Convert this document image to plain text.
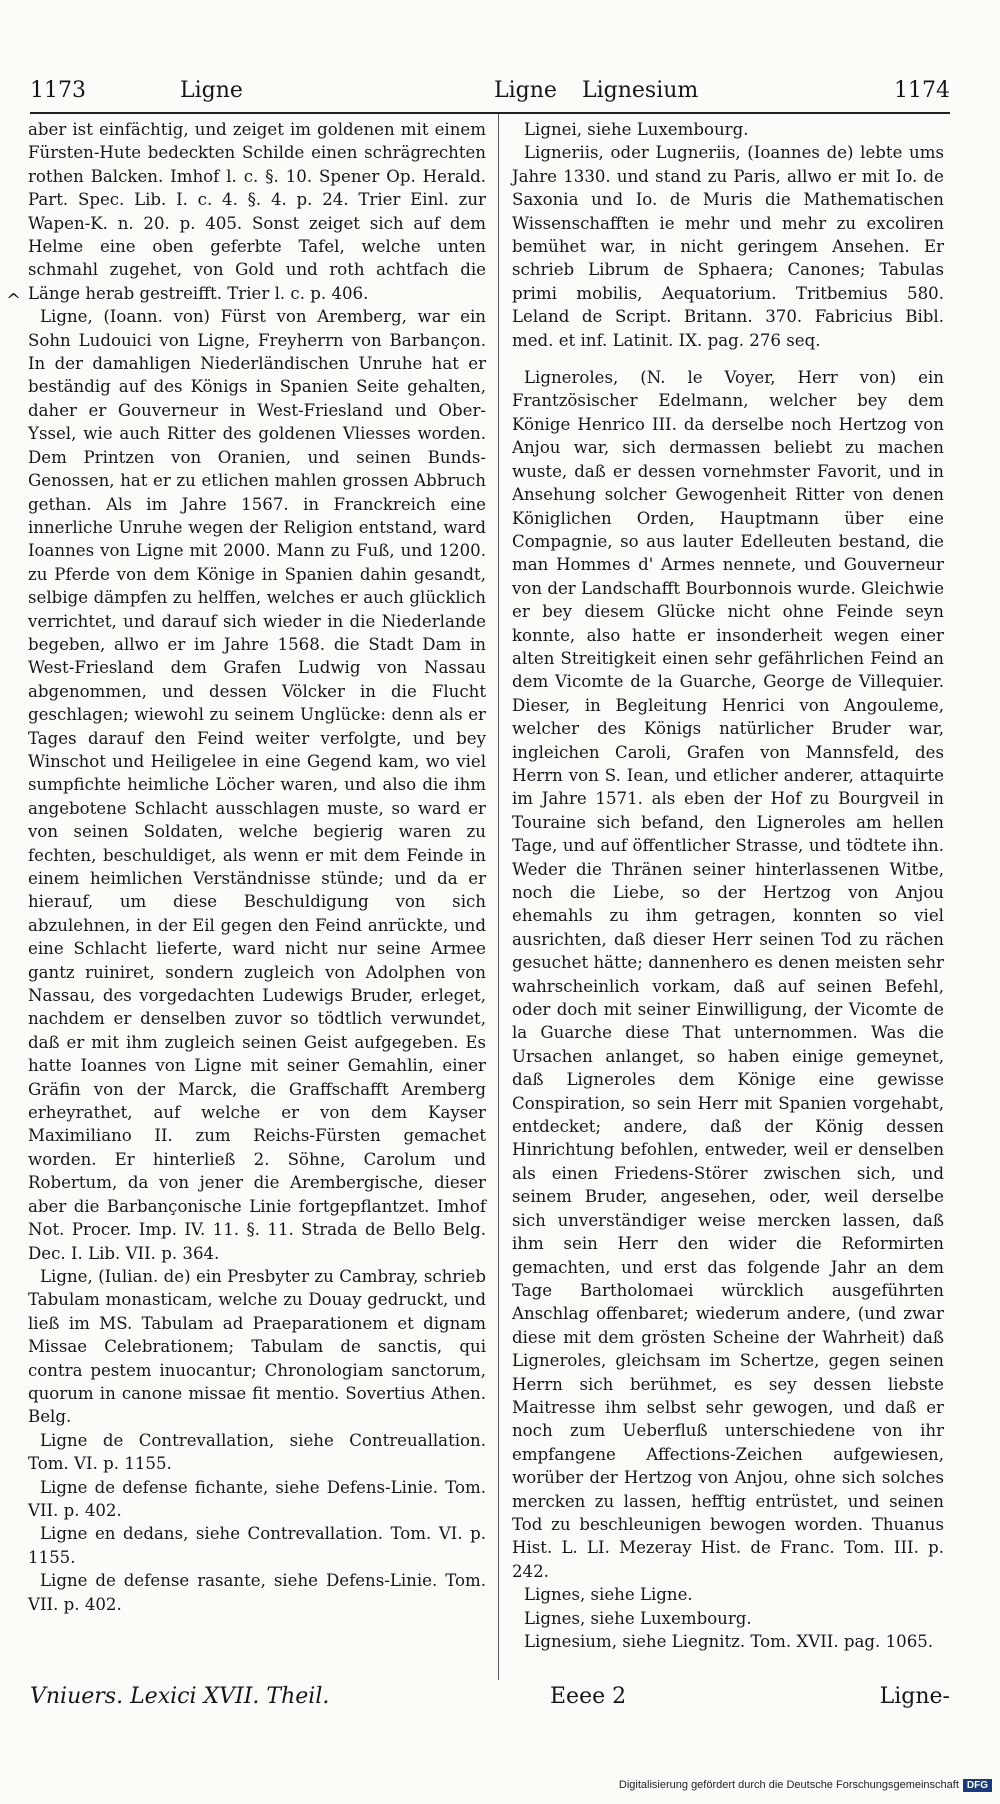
1173	Ligne	Ligne Lignesium	1174
^

aber ist einfächtig, und zeiget im goldenen mit einem Fürsten-Hute bedeckten Schilde einen schrägrechten rothen Balcken. Imhof l. c. §. 10. Spener Op. Herald. Part. Spec. Lib. I. c. 4. §. 4. p. 24. Trier Einl. zur Wapen-K. n. 20. p. 405. Sonst zeiget sich auf dem Helme eine oben geferbte Tafel, welche unten schmahl zugehet, von Gold und roth achtfach die Länge herab gestreifft. Trier l. c. p. 406.

Ligne, (Ioann. von) Fürst von Aremberg, war ein Sohn Ludouici von Ligne, Freyherrn von Barbançon. In der damahligen Niederländischen Unruhe hat er beständig auf des Königs in Spanien Seite gehalten, daher er Gouverneur in West-Friesland und Ober-Yssel, wie auch Ritter des goldenen Vliesses worden. Dem Printzen von Oranien, und seinen Bunds-Genossen, hat er zu etlichen mahlen grossen Abbruch gethan. Als im Jahre 1567. in Franckreich eine innerliche Unruhe wegen der Religion entstand, ward Ioannes von Ligne mit 2000. Mann zu Fuß, und 1200. zu Pferde von dem Könige in Spanien dahin gesandt, selbige dämpfen zu helffen, welches er auch glücklich verrichtet, und darauf sich wieder in die Niederlande begeben, allwo er im Jahre 1568. die Stadt Dam in West-Friesland dem Grafen Ludwig von Nassau abgenommen, und dessen Völcker in die Flucht geschlagen; wiewohl zu seinem Unglücke: denn als er Tages darauf den Feind weiter verfolgte, und bey Winschot und Heiligelee in eine Gegend kam, wo viel sumpfichte heimliche Löcher waren, und also die ihm angebotene Schlacht ausschlagen muste, so ward er von seinen Soldaten, welche begierig waren zu fechten, beschuldiget, als wenn er mit dem Feinde in einem heimlichen Verständnisse stünde; und da er hierauf, um diese Beschuldigung von sich abzulehnen, in der Eil gegen den Feind anrückte, und eine Schlacht lieferte, ward nicht nur seine Armee gantz ruiniret, sondern zugleich von Adolphen von Nassau, des vorgedachten Ludewigs Bruder, erleget, nachdem er denselben zuvor so tödtlich verwundet, daß er mit ihm zugleich seinen Geist aufgegeben. Es hatte Ioannes von Ligne mit seiner Gemahlin, einer Gräfin von der Marck, die Graffschafft Aremberg erheyrathet, auf welche er von dem Kayser Maximiliano II. zum Reichs-Fürsten gemachet worden. Er hinterließ 2. Söhne, Carolum und Robertum, da von jener die Arembergische, dieser aber die Barbançonische Linie fortgepflantzet. Imhof Not. Procer. Imp. IV. 11. §. 11. Strada de Bello Belg. Dec. I. Lib. VII. p. 364.

Ligne, (Iulian. de) ein Presbyter zu Cambray, schrieb Tabulam monasticam, welche zu Douay gedruckt, und ließ im MS. Tabulam ad Praeparationem et dignam Missae Celebrationem; Tabulam de sanctis, qui contra pestem inuocantur; Chronologiam sanctorum, quorum in canone missae fit mentio. Sovertius Athen. Belg.

Ligne de Contrevallation, siehe Contreuallation. Tom. VI. p. 1155.

Ligne de defense fichante, siehe Defens-Linie. Tom. VII. p. 402.

Ligne en dedans, siehe Contrevallation. Tom. VI. p. 1155.

Ligne de defense rasante, siehe Defens-Linie. Tom. VII. p. 402.

Lignei, siehe Luxembourg.

Ligneriis, oder Lugneriis, (Ioannes de) lebte ums Jahre 1330. und stand zu Paris, allwo er mit Io. de Saxonia und Io. de Muris die Mathematischen Wissenschafften ie mehr und mehr zu excoliren bemühet war, in nicht geringem Ansehen. Er schrieb Librum de Sphaera; Canones; Tabulas primi mobilis, Aequatorium. Tritbemius 580. Leland de Script. Britann. 370. Fabricius Bibl. med. et inf. Latinit. IX. pag. 276 seq.

Ligneroles, (N. le Voyer, Herr von) ein Frantzösischer Edelmann, welcher bey dem Könige Henrico III. da derselbe noch Hertzog von Anjou war, sich dermassen beliebt zu machen wuste, daß er dessen vornehmster Favorit, und in Ansehung solcher Gewogenheit Ritter von denen Königlichen Orden, Hauptmann über eine Compagnie, so aus lauter Edelleuten bestand, die man Hommes d' Armes nennete, und Gouverneur von der Landschafft Bourbonnois wurde. Gleichwie er bey diesem Glücke nicht ohne Feinde seyn konnte, also hatte er insonderheit wegen einer alten Streitigkeit einen sehr gefährlichen Feind an dem Vicomte de la Guarche, George de Villequier. Dieser, in Begleitung Henrici von Angouleme, welcher des Königs natürlicher Bruder war, ingleichen Caroli, Grafen von Mannsfeld, des Herrn von S. Iean, und etlicher anderer, attaquirte im Jahre 1571. als eben der Hof zu Bourgveil in Touraine sich befand, den Ligneroles am hellen Tage, und auf öffentlicher Strasse, und tödtete ihn. Weder die Thränen seiner hinterlassenen Witbe, noch die Liebe, so der Hertzog von Anjou ehemahls zu ihm getragen, konnten so viel ausrichten, daß dieser Herr seinen Tod zu rächen gesuchet hätte; dannenhero es denen meisten sehr wahrscheinlich vorkam, daß auf seinen Befehl, oder doch mit seiner Einwilligung, der Vicomte de la Guarche diese That unternommen. Was die Ursachen anlanget, so haben einige gemeynet, daß Ligneroles dem Könige eine gewisse Conspiration, so sein Herr mit Spanien vorgehabt, entdecket; andere, daß der König dessen Hinrichtung befohlen, entweder, weil er denselben als einen Friedens-Störer zwischen sich, und seinem Bruder, angesehen, oder, weil derselbe sich unverständiger weise mercken lassen, daß ihm sein Herr den wider die Reformirten gemachten, und erst das folgende Jahr an dem Tage Bartholomaei würcklich ausgeführten Anschlag offenbaret; wiederum andere, (und zwar diese mit dem grösten Scheine der Wahrheit) daß Ligneroles, gleichsam im Schertze, gegen seinen Herrn sich berühmet, es sey dessen liebste Maitresse ihm selbst sehr gewogen, und daß er noch zum Ueberfluß unterschiedene von ihr empfangene Affections-Zeichen aufgewiesen, worüber der Hertzog von Anjou, ohne sich solches mercken zu lassen, hefftig entrüstet, und seinen Tod zu beschleunigen bewogen worden. Thuanus Hist. L. LI. Mezeray Hist. de Franc. Tom. III. p. 242.

Lignes, siehe Ligne.

Lignes, siehe Luxembourg.

Lignesium, siehe Liegnitz. Tom. XVII. pag. 1065.

Vniuers. Lexici XVII. Theil.	Eeee 2	Ligne-
Digitalisierung gefördert durch die Deutsche Forschungsgemeinschaft DFG
